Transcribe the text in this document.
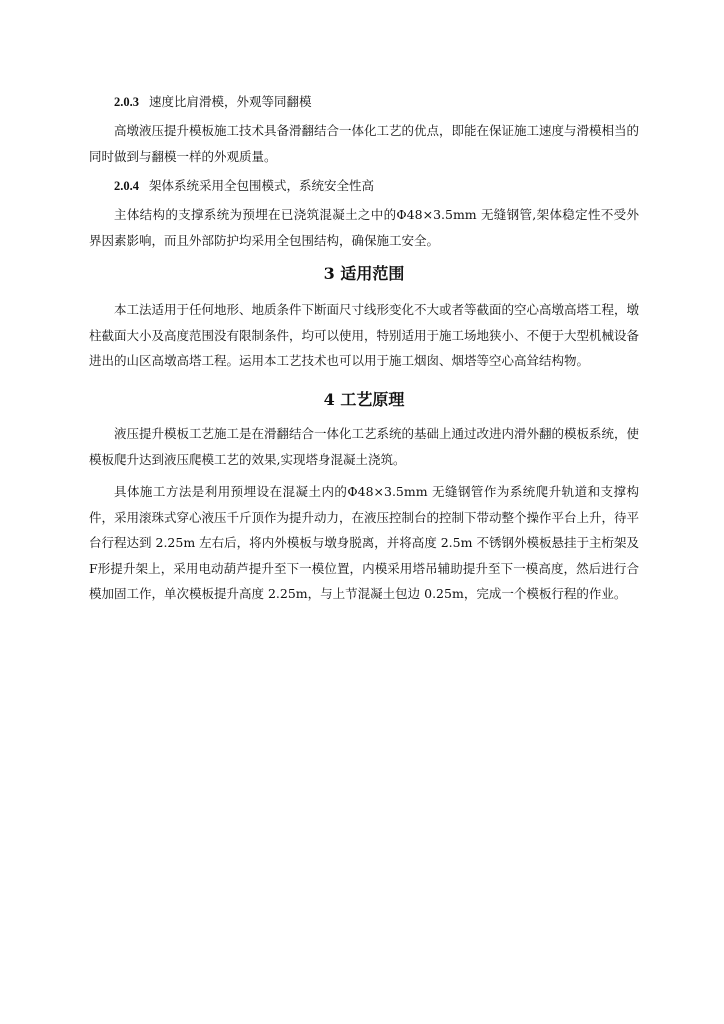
2.0.3 速度比肩滑模，外观等同翻模

高墩液压提升模板施工技术具备滑翻结合一体化工艺的优点，即能在保证施工速度与滑模相当的同时做到与翻模一样的外观质量。

2.0.4 架体系统采用全包围模式，系统安全性高

主体结构的支撑系统为预埋在已浇筑混凝土之中的Φ48×3.5mm 无缝钢管,架体稳定性不受外界因素影响，而且外部防护均采用全包围结构，确保施工安全。

3 适用范围

本工法适用于任何地形、地质条件下断面尺寸线形变化不大或者等截面的空心高墩高塔工程，墩柱截面大小及高度范围没有限制条件，均可以使用，特别适用于施工场地狭小、不便于大型机械设备进出的山区高墩高塔工程。运用本工艺技术也可以用于施工烟囱、烟塔等空心高耸结构物。

4 工艺原理

液压提升模板工艺施工是在滑翻结合一体化工艺系统的基础上通过改进内滑外翻的模板系统，使模板爬升达到液压爬模工艺的效果,实现塔身混凝土浇筑。

具体施工方法是利用预埋设在混凝土内的Φ48×3.5mm 无缝钢管作为系统爬升轨道和支撑构件，采用滚珠式穿心液压千斤顶作为提升动力，在液压控制台的控制下带动整个操作平台上升，待平台行程达到 2.25m 左右后，将内外模板与墩身脱离，并将高度 2.5m 不锈钢外模板悬挂于主桁架及 F形提升架上，采用电动葫芦提升至下一模位置，内模采用塔吊辅助提升至下一模高度，然后进行合模加固工作，单次模板提升高度 2.25m，与上节混凝土包边 0.25m，完成一个模板行程的作业。
